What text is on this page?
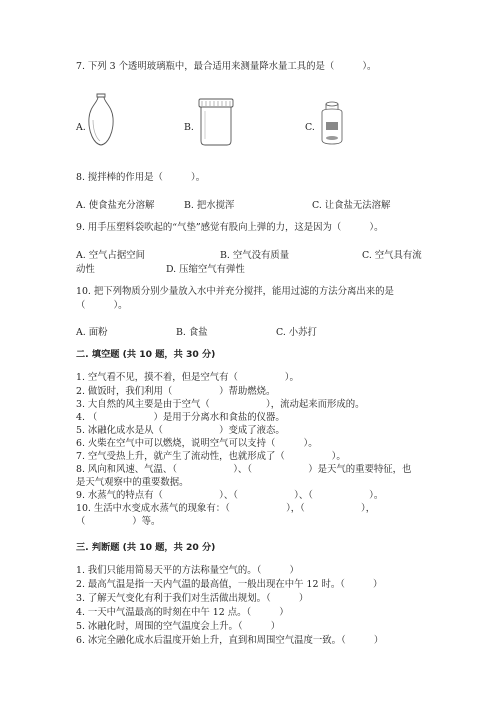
7. 下列 3 个透明玻璃瓶中，最合适用来测量降水量工具的是（　　　）。
A.	B.	C.
8. 搅拌棒的作用是（　　　）。
A. 使食盐充分溶解	B. 把水搅浑	C. 让食盐无法溶解
9. 用手压塑料袋吹起的“气垫”感觉有股向上弹的力，这是因为（　　　）。
A. 空气占据空间	B. 空气没有质量	C. 空气具有流
动性	D. 压缩空气有弹性
10. 把下列物质分别少量放入水中并充分搅拌，能用过滤的方法分离出来的是
（　　　）。
A. 面粉	B. 食盐	C. 小苏打
二. 填空题 (共 10 题，共 30 分)
1. 空气看不见，摸不着，但是空气有（　　　　　）。
2. 做饭时，我们利用（　　　　　）帮助燃烧。
3. 大自然的风主要是由于空气（　　　　　　），流动起来而形成的。
4. （　　　　　　）是用于分离水和食盐的仪器。
5. 冰融化成水是从（　　　　　　）变成了液态。
6. 火柴在空气中可以燃烧，说明空气可以支持（　　　）。
7. 空气受热上升，就产生了流动性，也就形成了（　　　　　）。
8. 风向和风速、气温、（　　　　　　）、（　　　　　　）是天气的重要特征，也
是天气观察中的重要数据。
9. 水蒸气的特点有（　　　　　　）、（　　　　　　）、（　　　　　　）。
10. 生活中水变成水蒸气的现象有：（　　　　　　），（　　　　　　），
（　　　　　）等。
三. 判断题 (共 10 题，共 20 分)
1. 我们只能用简易天平的方法称量空气的。（　　　）
2. 最高气温是指一天内气温的最高值，一般出现在中午 12 时。（　　　）
3. 了解天气变化有利于我们对生活做出规划。（　　　）
4. 一天中气温最高的时刻在中午 12 点。（　　　）
5. 冰融化时，周围的空气温度会上升。（　　　）
6. 冰完全融化成水后温度开始上升，直到和周围空气温度一致。（　　　）
